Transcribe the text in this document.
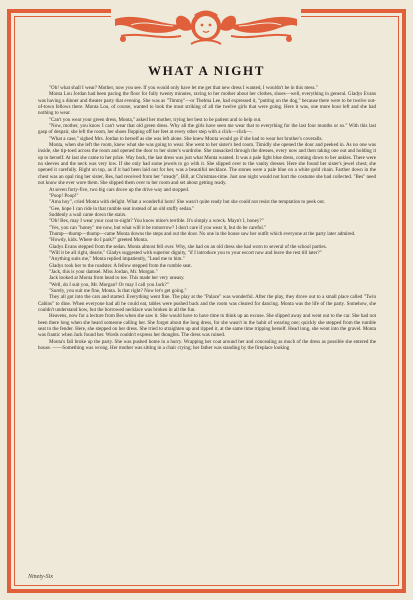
WHAT A NIGHT

"Oh! what shall I wear? Mother, now you see. If you would only have let me get that new dress I wanted, I wouldn't be in this mess."

Monta Lou Jordan had been pacing the floor for fully twenty minutes, raving to her mother about her clothes, shoes—well, everything in general. Gladys Evans was having a dinner and theater party that evening. She was as "Timmy"—or Thelma Lee, had expressed it, "putting on the dog," because there were to be twelve out-of-town fellows there. Monta Lou, of course, wanted to look the most striking of all the twelve girls that were going. Here it was, one more hour left and she had nothing to wear.

"Can't you wear your green dress, Monta," asked her mother, trying her best to be patient and to help out.

"Now, mother, you know I can't wear that old green dress. Why all the girls have seen me wear that to everything for the last four months or so." With this last gasp of despair, she left the room, her shoes flopping off her feet at every other step with a click—click—.

"What a case," sighed Mrs. Jordan to herself as she was left alone. She knew Monta would go if she had to wear her brother's coveralls.

Monta, when she left the room, knew what she was going to wear. She went to her sister's bed room. Timidly she opened the door and peeked in. As no one was inside, she tip-toed across the room and opened the door to her sister's wardrobe. She ransacked through the dresses, every now and then taking one out and holding it up to herself. At last she came to her prize. Way back, the last dress was just what Monta wanted. It was a pale light blue dress, coming down to her ankles. There were no sleeves and the neck was very low. If she only had some jewels to go with it. She slipped over to the vanity dresser. Here she found her sister's jewel chest; she opened it carefully. Right on top, as if it had been laid out for her, was a beautiful necklace. The stones were a pale blue on a white gold chain. Farther down in the chest was an opal ring her sister, Bes, had received from her "steady", Bill, at Christmas-time. Just one night would not hurt the costume she had collected. "Bes" need not know she ever wore them. She slipped them over to her room and set about getting ready.

At seven forty-five, two big cars drove up the drive way and stopped.

"Poop! Poop!"

"Ama hoy", cried Monta with delight. What a wonderful horn! She wasn't quite ready but she could not resist the temptation to peek out.

"Gee, hope I can ride in that rumble seat instead of an old stuffy sedan."

Suddenly a wail came down the stairs.

"Oh! Bes, may I wear your coat to-night? You know mine's terrible. It's simply a wreck. Mayn't I, honey?"

"Yes, you can "honey" me now, but what will it be tomorrow? I don't care if you wear it, but do be careful."

Thump—thump—thump—came Monta downs the steps and out the door. No one in the house saw her outfit which everyone at the party later admired.

"Howdy, kids. Where do I park?" greeted Monta.

Gladys Evans stepped from the sedan. Monta almost fell over. Why, she had on an old dress she had worn to several of the school parties.

"Will it be all right, dearie," Gladys suggested with superior dignity, "if I introduce you to your escort now and leave the rest till later?"

"Anything suits me," Monta replied impatiently, "Lead me to him."

Gladys took her to the roadster. A fellow stepped from the rumble seat.

"Jack, this is your damsel. Miss Jordan, Mr. Morgan."

Jack looked at Monta from head to toe. This made her very uneasy.

"Well, do I suit you, Mr. Morgan? Or may I call you Jack?"

"Surely, you suit me fine, Monta. Is that right? Now let's get going."

They all got into the cars and started. Everything went fine. The play at the "Palace" was wonderful. After the play, they drove out to a small place called "Twin Cabins" to dine. When everyone had all he could eat, tables were pushed back and the room was cleared for dancing. Monta was the life of the party. Somehow, she couldn't understand how, but the borrowed necklace was broken in all the fun.

Heavens, now for a lecture from Bes when she saw it. She would have to have time to think up an excuse. She slipped away and went out to the car. She had not been there long when she heard someone calling her. She forgot about the long dress, for she wasn't in the habit of wearing one; quickly she stepped from the rumble seat to the fender. Here, she stepped on her dress. She tried to straighten up and ripped it, at the same time tripping herself. Head long, she went into the gravel. Monta was frantic when Jack found her. Words couldn't express her thoughts. The dress was ruined.

Monta's fall broke up the party. She was pushed home in a hurry. Wrapping her coat around her and concealing as much of the dress as possible she entered the house. ——Something was wrong. Her mother was sitting in a chair crying; her father was standing by the fireplace looking

Ninety-Six
